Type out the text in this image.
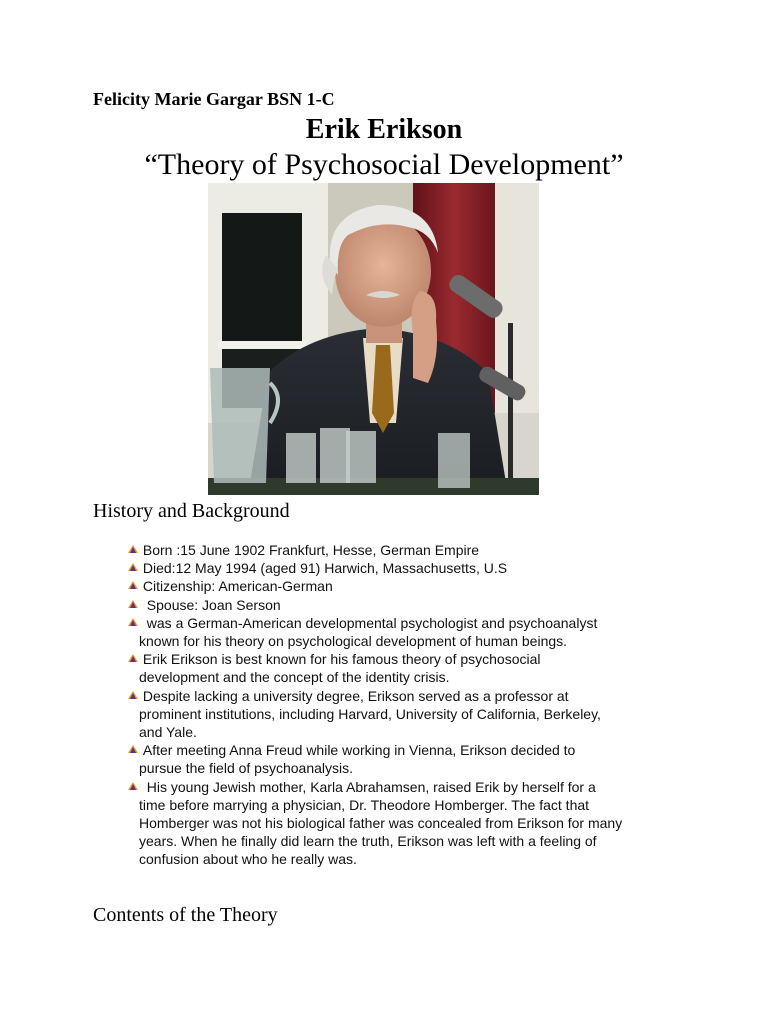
Felicity Marie Gargar BSN 1-C
Erik Erikson
“Theory of Psychosocial Development”
History and Background
Born :15 June 1902 Frankfurt, Hesse, German Empire
Died:12 May 1994 (aged 91) Harwich, Massachusetts, U.S
Citizenship: American-German
Spouse: Joan Serson
was a German-American developmental psychologist and psychoanalyst
known for his theory on psychological development of human beings.
Erik Erikson is best known for his famous theory of psychosocial
development and the concept of the identity crisis.
Despite lacking a university degree, Erikson served as a professor at
prominent institutions, including Harvard, University of California, Berkeley,
and Yale.
After meeting Anna Freud while working in Vienna, Erikson decided to
pursue the field of psychoanalysis.
His young Jewish mother, Karla Abrahamsen, raised Erik by herself for a
time before marrying a physician, Dr. Theodore Homberger. The fact that
Homberger was not his biological father was concealed from Erikson for many
years. When he finally did learn the truth, Erikson was left with a feeling of
confusion about who he really was.
Contents of the Theory
